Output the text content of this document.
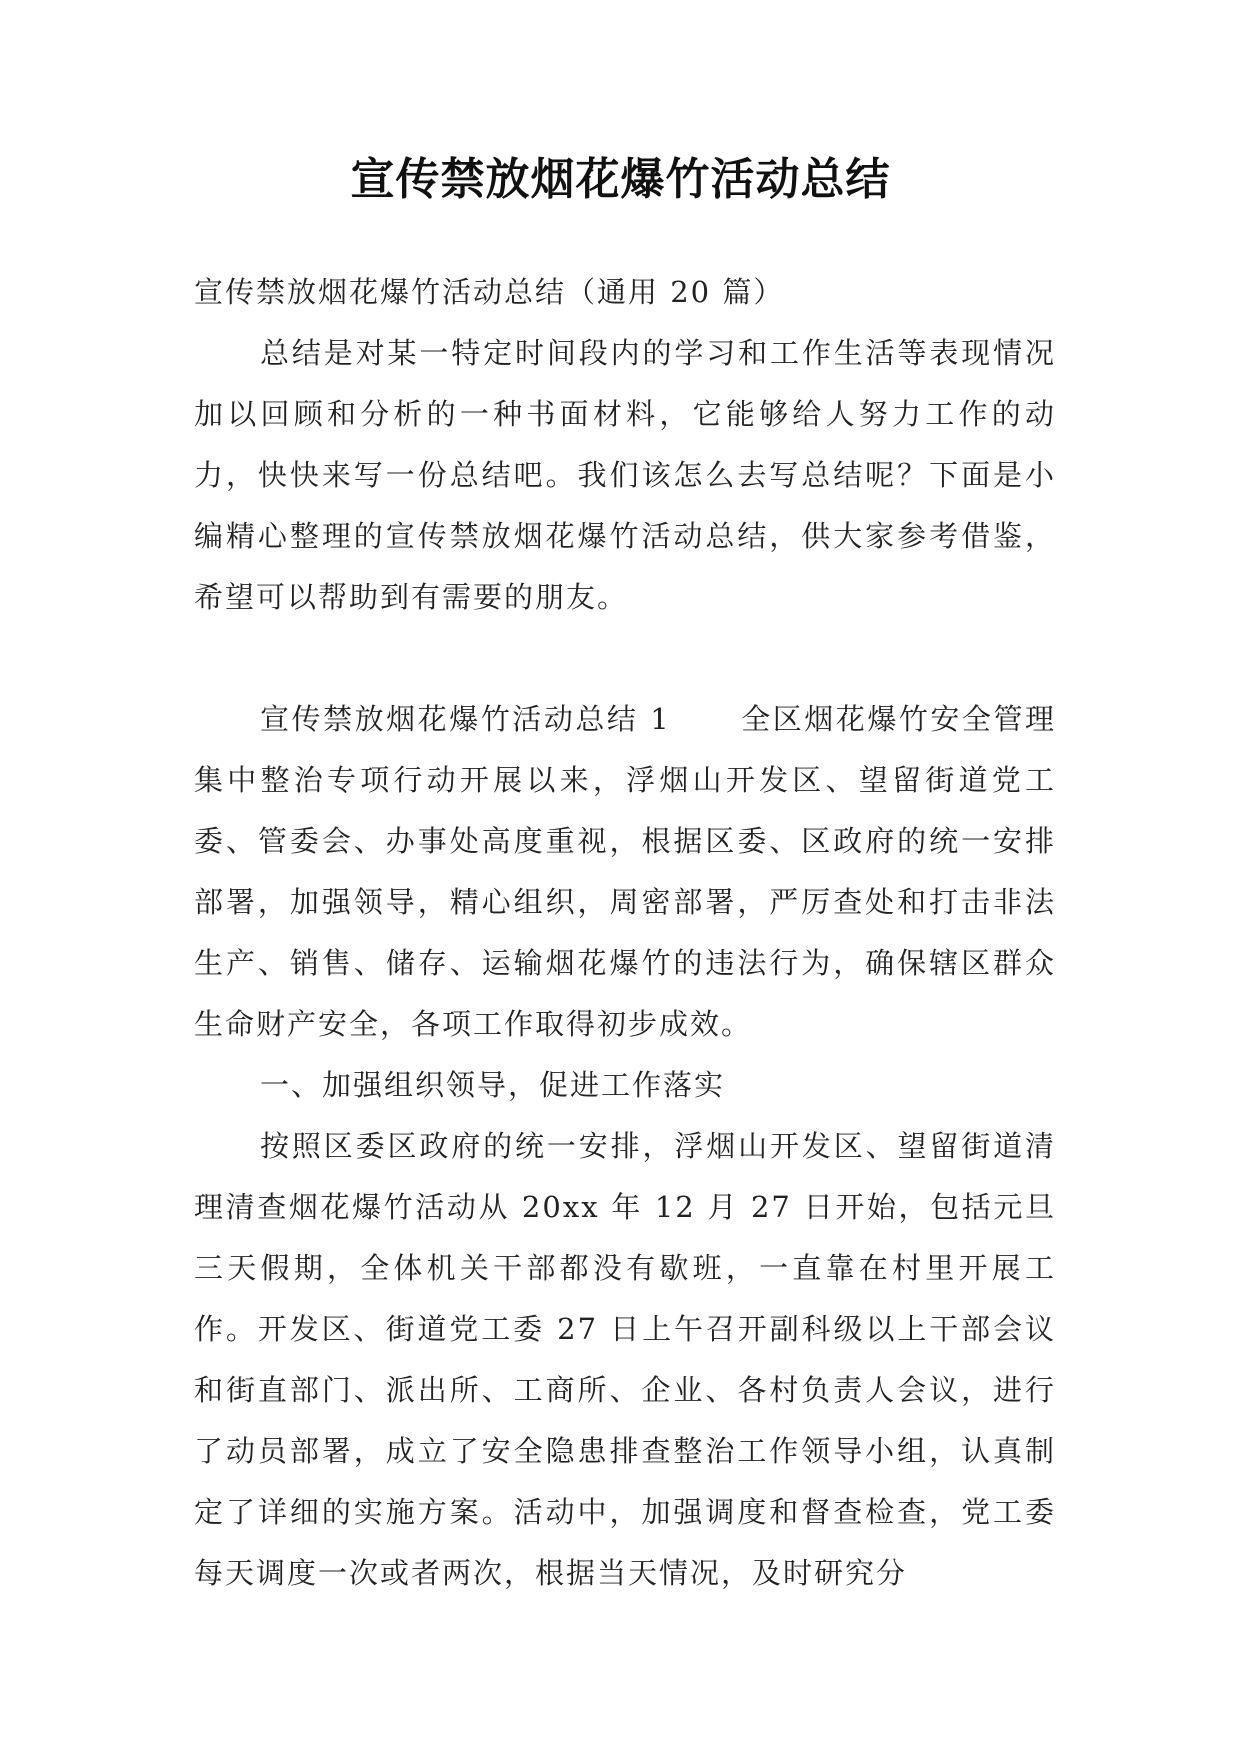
宣传禁放烟花爆竹活动总结

宣传禁放烟花爆竹活动总结（通用 20 篇）

总结是对某一特定时间段内的学习和工作生活等表现情况加以回顾和分析的一种书面材料，它能够给人努力工作的动力，快快来写一份总结吧。我们该怎么去写总结呢？下面是小编精心整理的宣传禁放烟花爆竹活动总结，供大家参考借鉴，希望可以帮助到有需要的朋友。

宣传禁放烟花爆竹活动总结 1      全区烟花爆竹安全管理集中整治专项行动开展以来，浮烟山开发区、望留街道党工委、管委会、办事处高度重视，根据区委、区政府的统一安排部署，加强领导，精心组织，周密部署，严厉查处和打击非法生产、销售、储存、运输烟花爆竹的违法行为，确保辖区群众生命财产安全，各项工作取得初步成效。

一、加强组织领导，促进工作落实

按照区委区政府的统一安排，浮烟山开发区、望留街道清理清查烟花爆竹活动从 20xx 年 12 月 27 日开始，包括元旦三天假期，全体机关干部都没有歇班，一直靠在村里开展工作。开发区、街道党工委 27 日上午召开副科级以上干部会议和街直部门、派出所、工商所、企业、各村负责人会议，进行了动员部署，成立了安全隐患排查整治工作领导小组，认真制定了详细的实施方案。活动中，加强调度和督查检查，党工委每天调度一次或者两次，根据当天情况，及时研究分
